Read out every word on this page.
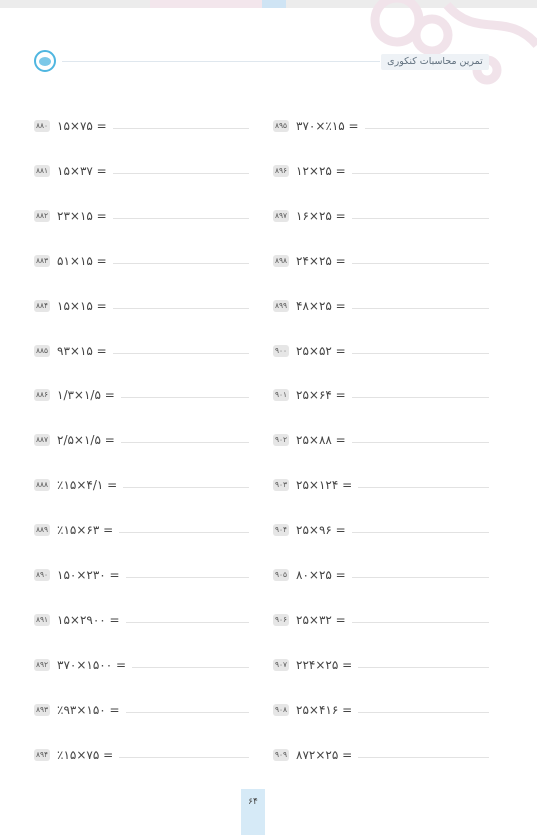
تمرین محاسبات کنکوری
۸۸۰ ۱۵×۷۵ =
۸۸۱ ۱۵×۳۷ =
۸۸۲ ۲۳×۱۵ =
۸۸۳ ۵۱×۱۵ =
۸۸۴ ۱۵×۱۵ =
۸۸۵ ۹۳×۱۵ =
۸۸۶ ۱/۳×۱/۵ =
۸۸۷ ۲/۵×۱/۵ =
۸۸۸ ٪۱۵×۴/۱ =
۸۸۹ ٪۱۵×۶۳ =
۸۹۰ ۱۵۰×۲۳۰ =
۸۹۱ ۱۵×۲۹۰۰ =
۸۹۲ ۳۷۰×۱۵۰۰ =
۸۹۳ ٪۹۳×۱۵۰ =
۸۹۴ ٪۱۵×۷۵ =
۸۹۵ ۳۷۰×٪۱۵ =
۸۹۶ ۱۲×۲۵ =
۸۹۷ ۱۶×۲۵ =
۸۹۸ ۲۴×۲۵ =
۸۹۹ ۴۸×۲۵ =
۹۰۰ ۲۵×۵۲ =
۹۰۱ ۲۵×۶۴ =
۹۰۲ ۲۵×۸۸ =
۹۰۳ ۲۵×۱۲۴ =
۹۰۴ ۲۵×۹۶ =
۹۰۵ ۸۰×۲۵ =
۹۰۶ ۲۵×۳۲ =
۹۰۷ ۲۲۴×۲۵ =
۹۰۸ ۲۵×۴۱۶ =
۹۰۹ ۸۷۲×۲۵ =
۶۴
